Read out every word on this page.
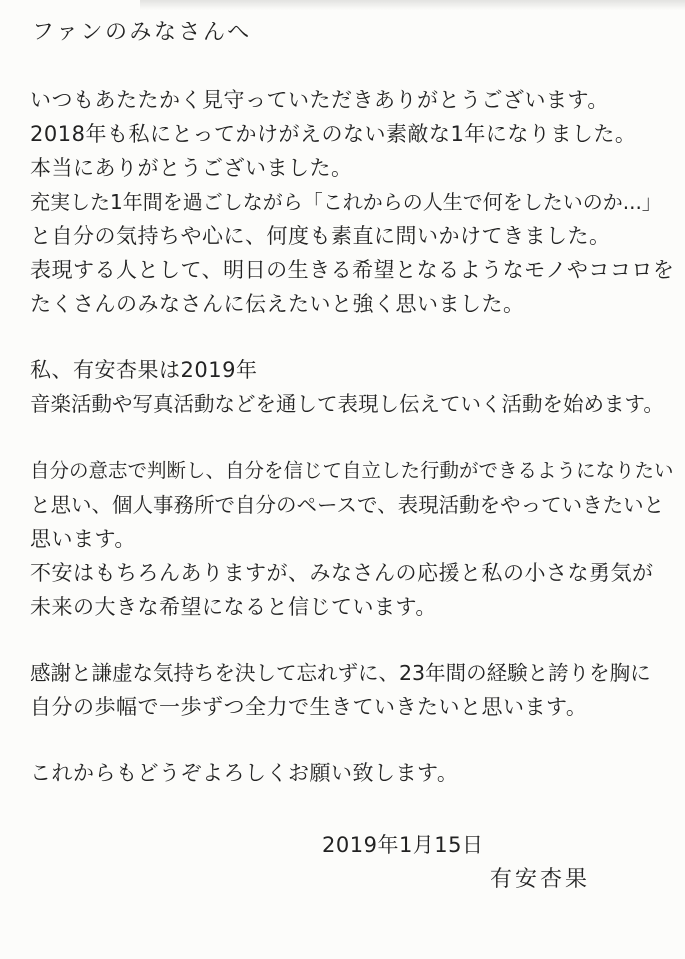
ファンのみなさんへ
いつもあたたかく見守っていただきありがとうございます。
2018年も私にとってかけがえのない素敵な1年になりました。
本当にありがとうございました。
充実した1年間を過ごしながら「これからの人生で何をしたいのか...」
と自分の気持ちや心に、何度も素直に問いかけてきました。
表現する人として、明日の生きる希望となるようなモノやココロを
たくさんのみなさんに伝えたいと強く思いました。
私、有安杏果は2019年
音楽活動や写真活動などを通して表現し伝えていく活動を始めます。
自分の意志で判断し、自分を信じて自立した行動ができるようになりたい
と思い、個人事務所で自分のペースで、表現活動をやっていきたいと
思います。
不安はもちろんありますが、みなさんの応援と私の小さな勇気が
未来の大きな希望になると信じています。
感謝と謙虚な気持ちを決して忘れずに、23年間の経験と誇りを胸に
自分の歩幅で一歩ずつ全力で生きていきたいと思います。
これからもどうぞよろしくお願い致します。
2019年1月15日
有安杏果
